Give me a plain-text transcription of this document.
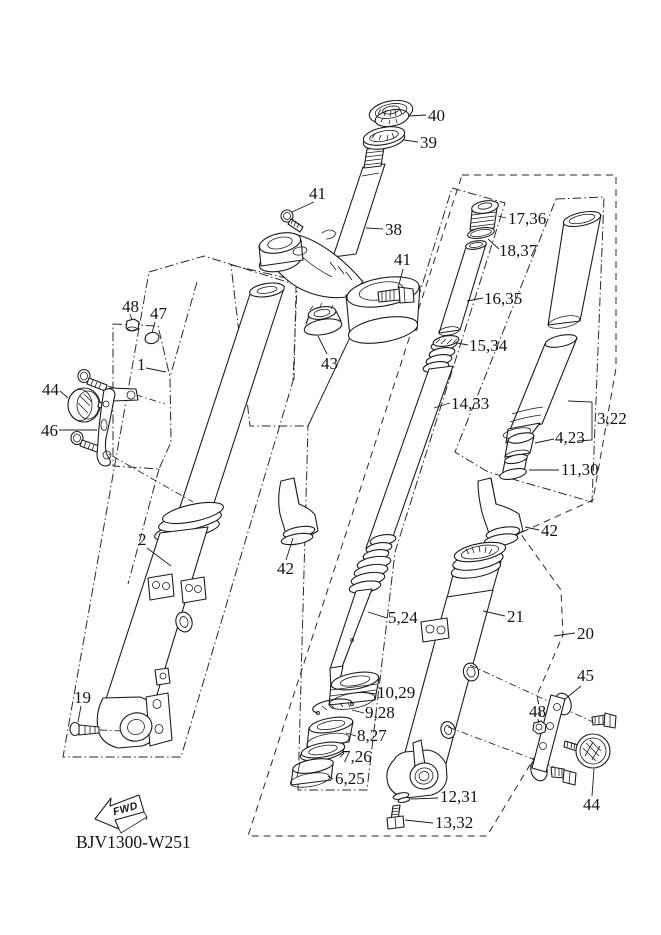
40
39
41
38
41
43
17,36
18,37
16,35
15,34
14,33
3,22
4,23
11,30
42
21
20
45
48
44
5,24
10,29
9,28
8,27
7,26
6,25
12,31
13,32
48 47
1
44
46
2
19
42
FWD
BJV1300-W251
